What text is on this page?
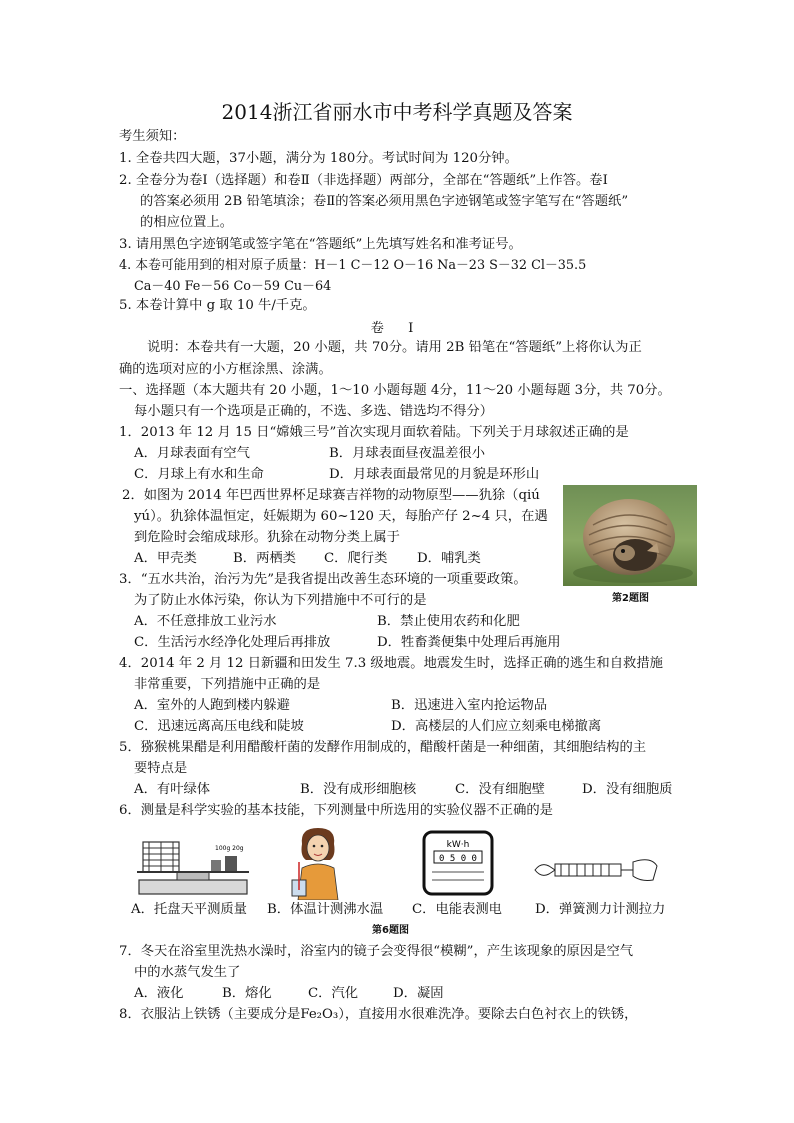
2014浙江省丽水市中考科学真题及答案
考生须知：
1. 全卷共四大题，37小题，满分为 180分。考试时间为 120分钟。
2. 全卷分为卷Ⅰ（选择题）和卷Ⅱ（非选择题）两部分，全部在“答题纸”上作答。卷Ⅰ
的答案必须用 2B 铅笔填涂；卷Ⅱ的答案必须用黑色字迹钢笔或签字笔写在“答题纸”
的相应位置上。
3. 请用黑色字迹钢笔或签字笔在“答题纸”上先填写姓名和准考证号。
4. 本卷可能用到的相对原子质量：H－1 C－12 O－16 Na－23 S－32 Cl－35.5
Ca－40 Fe－56 Co－59 Cu－64
5. 本卷计算中 g 取 10 牛/千克。
卷 Ⅰ
说明：本卷共有一大题，20 小题，共 70分。请用 2B 铅笔在“答题纸”上将你认为正
确的选项对应的小方框涂黑、涂满。
一、选择题（本大题共有 20 小题，1～10 小题每题 4分，11～20 小题每题 3分，共 70分。
每小题只有一个选项是正确的，不选、多选、错选均不得分）
1．2013 年 12 月 15 日“嫦娥三号”首次实现月面软着陆。下列关于月球叙述正确的是
A．月球表面有空气	B．月球表面昼夜温差很小
C．月球上有水和生命	D．月球表面最常见的月貌是环形山
2．如图为 2014 年巴西世界杯足球赛吉祥物的动物原型——犰狳（qiú
yú）。犰狳体温恒定，妊娠期为 60~120 天，每胎产仔 2~4 只，在遇
到危险时会缩成球形。犰狳在动物分类上属于
A．甲壳类	B．两栖类 C．爬行类 D．哺乳类
第2题图
3．“五水共治，治污为先”是我省提出改善生态环境的一项重要政策。
为了防止水体污染，你认为下列措施中不可行的是
A．不任意排放工业污水	B．禁止使用农药和化肥
C．生活污水经净化处理后再排放	D．牲畜粪便集中处理后再施用
4．2014 年 2 月 12 日新疆和田发生 7.3 级地震。地震发生时，选择正确的逃生和自救措施
非常重要，下列措施中正确的是
A．室外的人跑到楼内躲避	B．迅速进入室内抢运物品
C．迅速远离高压电线和陡坡	D．高楼层的人们应立刻乘电梯撤离
5．猕猴桃果醋是利用醋酸杆菌的发酵作用制成的，醋酸杆菌是一种细菌，其细胞结构的主
要特点是
A．有叶绿体	B．没有成形细胞核	C．没有细胞壁	D．没有细胞质
6．测量是科学实验的基本技能，下列测量中所选用的实验仪器不正确的是
100g 20g	kW·h
0 5 0 0
A．托盘天平测质量 B．体温计测沸水温 C．电能表测电 D．弹簧测力计测拉力
第6题图
7．冬天在浴室里洗热水澡时，浴室内的镜子会变得很“模糊”，产生该现象的原因是空气
中的水蒸气发生了
A．液化	B．熔化	C．汽化	D．凝固
8．衣服沾上铁锈（主要成分是Fe₂O₃），直接用水很难洗净。要除去白色衬衣上的铁锈，
